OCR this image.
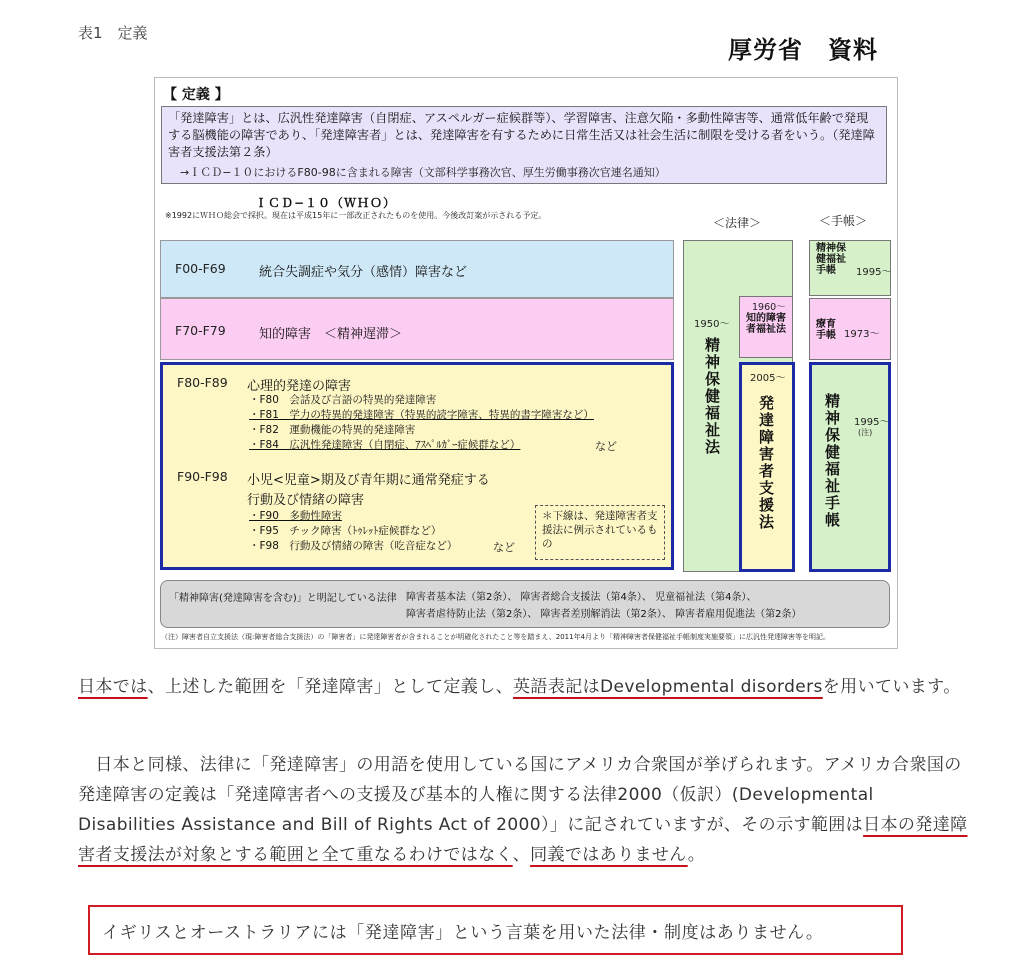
表1　定義
厚労省　資料
【 定義 】
「発達障害」とは、広汎性発達障害（自閉症、アスペルガー症候群等）、学習障害、注意欠陥・多動性障害等、通常低年齢で発現する脳機能の障害であり、「発達障害者」とは、発達障害を有するために日常生活又は社会生活に制限を受ける者をいう。（発達障害者支援法第２条）
→ＩＣＤ−１０におけるF80-98に含まれる障害（文部科学事務次官、厚生労働事務次官連名通知）
ＩＣＤ−１０（ＷＨＯ）
※1992にＷＨＯ総会で採択。現在は平成15年に一部改正されたものを使用。今後改訂案が示される予定。
＜法律＞	＜手帳＞
F00-F69	統合失調症や気分（感情）障害など
F70-F79	知的障害　＜精神遅滞＞
F80-F89 心理的発達の障害
・F80　会話及び言語の特異的発達障害
・F81　学力の特異的発達障害（特異的読字障害、特異的書字障害など）
・F82　運動機能の特異的発達障害
・F84　広汎性発達障害（自閉症、ｱｽﾍﾟﾙｶﾞｰ症候群など）	など
F90-F98 小児<児童>期及び青年期に通常発症する
行動及び情緒の障害
・F90　多動性障害
・F95　チック障害（ﾄｩﾚｯﾄ症候群など）
・F98　行動及び情緒の障害（吃音症など）	など
＊下線は、発達障害者支援法に例示されているもの
1950〜
精神保健福祉法
1960〜
知的障害者福祉法
2005〜
発達障害者支援法
精神保健福祉手帳	1995〜
療育手帳 1973〜
精神保健福祉手帳 1995〜
(注)
「精神障害(発達障害を含む)」と明記している法律 障害者基本法（第2条）、 障害者総合支援法（第4条）、 児童福祉法（第4条）、
障害者虐待防止法（第2条）、 障害者差別解消法（第2条）、 障害者雇用促進法（第2条）
（注）障害者自立支援法（現:障害者総合支援法）の「障害者」に発達障害者が含まれることが明確化されたこと等を踏まえ、2011年4月より「精神障害者保健福祉手帳制度実施要領」に広汎性発達障害等を明記。
日本では、上述した範囲を「発達障害」として定義し、英語表記はDevelopmental disordersを用いています。
　日本と同様、法律に「発達障害」の用語を使用している国にアメリカ合衆国が挙げられます。アメリカ合衆国の発達障害の定義は「発達障害者への支援及び基本的人権に関する法律2000（仮訳）(Developmental Disabilities Assistance and Bill of Rights Act of 2000）」に記されていますが、その示す範囲は日本の発達障害者支援法が対象とする範囲と全て重なるわけではなく、同義ではありません。
イギリスとオーストラリアには「発達障害」という言葉を用いた法律・制度はありません。
